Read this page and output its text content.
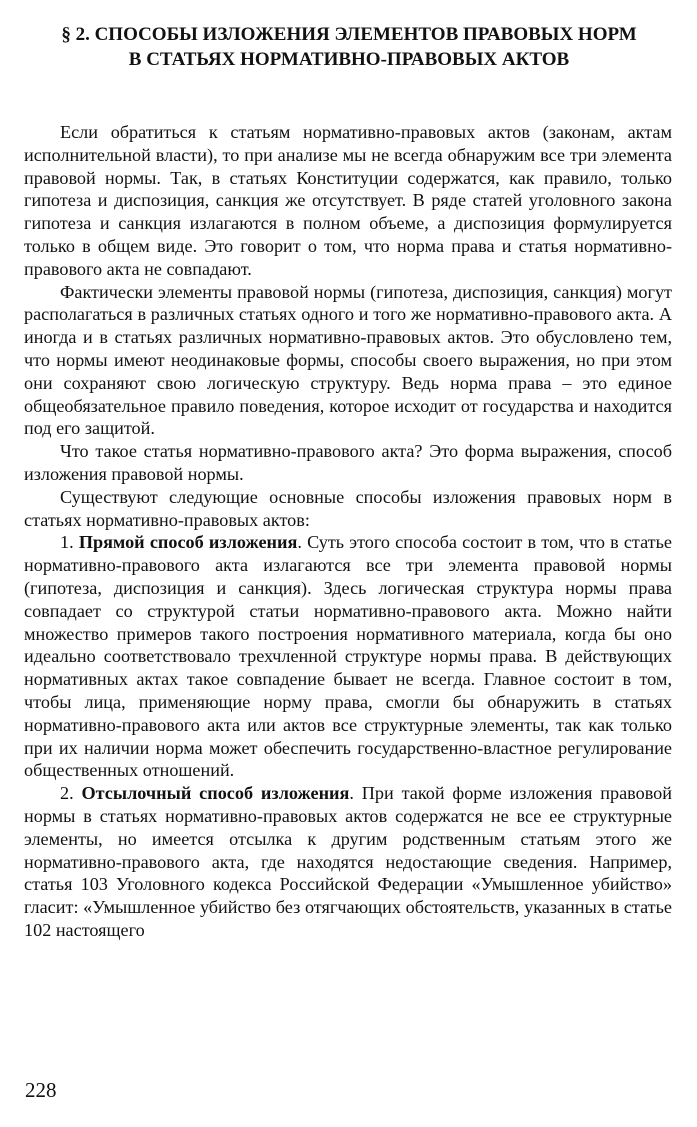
§ 2. СПОСОБЫ ИЗЛОЖЕНИЯ ЭЛЕМЕНТОВ ПРАВОВЫХ НОРМ
В СТАТЬЯХ НОРМАТИВНО-ПРАВОВЫХ АКТОВ

Если обратиться к статьям нормативно-правовых актов (законам, актам исполнительной власти), то при анализе мы не всегда обнаружим все три элемента правовой нормы. Так, в статьях Конституции содержатся, как правило, только гипотеза и диспозиция, санкция же отсутствует. В ряде статей уголовного закона гипотеза и санкция излагаются в полном объеме, а диспозиция формулируется только в общем виде. Это говорит о том, что норма права и статья нормативно-правового акта не совпадают.

Фактически элементы правовой нормы (гипотеза, диспозиция, санкция) могут располагаться в различных статьях одного и того же нормативно-правового акта. А иногда и в статьях различных нормативно-правовых актов. Это обусловлено тем, что нормы имеют неодинаковые формы, способы своего выражения, но при этом они сохраняют свою логическую структуру. Ведь норма права – это единое общеобязательное правило поведения, которое исходит от государства и находится под его защитой.

Что такое статья нормативно-правового акта? Это форма выражения, способ изложения правовой нормы.

Существуют следующие основные способы изложения правовых норм в статьях нормативно-правовых актов:

1. Прямой способ изложения. Суть этого способа состоит в том, что в статье нормативно-правового акта излагаются все три элемента правовой нормы (гипотеза, диспозиция и санкция). Здесь логическая структура нормы права совпадает со структурой статьи нормативно-правового акта. Можно найти множество примеров такого построения нормативного материала, когда бы оно идеально соответствовало трехчленной структуре нормы права. В действующих нормативных актах такое совпадение бывает не всегда. Главное состоит в том, чтобы лица, применяющие норму права, смогли бы обнаружить в статьях нормативно-правового акта или актов все структурные элементы, так как только при их наличии норма может обеспечить государственно-властное регулирование общественных отношений.

2. Отсылочный способ изложения. При такой форме изложения правовой нормы в статьях нормативно-правовых актов содержатся не все ее структурные элементы, но имеется отсылка к другим родственным статьям этого же нормативно-правового акта, где находятся недостающие сведения. Например, статья 103 Уголовного кодекса Российской Федерации «Умышленное убийство» гласит: «Умышленное убийство без отягчающих обстоятельств, указанных в статье 102 настоящего

228
